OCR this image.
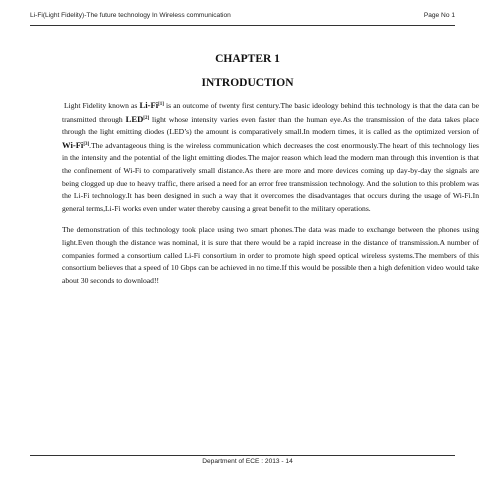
Li-Fi(Light Fidelity)-The future technology In Wireless communication	Page No 1
CHAPTER 1
INTRODUCTION

Light Fidelity known as Li-Fi[1] is an outcome of twenty first century.The basic ideology behind this technology is that the data can be transmitted through LED[2] light whose intensity varies even faster than the human eye.As the transmission of the data takes place through the light emitting diodes (LED’s) the amount is comparatively small.In modern times, it is called as the optimized version of Wi-Fi[3].The advantageous thing is the wireless communication which decreases the cost enormously.The heart of this technology lies in the intensity and the potential of the light emitting diodes.The major reason which lead the modern man through this invention is that the confinement of Wi-Fi to comparatively small distance.As there are more and more devices coming up day-by-day the signals are being clogged up due to heavy traffic, there arised a need for an error free transmission technology. And the solution to this problem was the Li-Fi technology.It has been designed in such a way that it overcomes the disadvantages that occurs during the usage of Wi-Fi.In general terms,Li-Fi works even under water thereby causing a great benefit to the military operations.

The demonstration of this technology took place using two smart phones.The data was made to exchange between the phones using light.Even though the distance was nominal, it is sure that there would be a rapid increase in the distance of transmission.A number of companies formed a consortium called Li-Fi consortium in order to promote high speed optical wireless systems.The members of this consortium believes that a speed of 10 Gbps can be achieved in no time.If this would be possible then a high defenition video would take about 30 seconds to download!!

Department of ECE : 2013 - 14
